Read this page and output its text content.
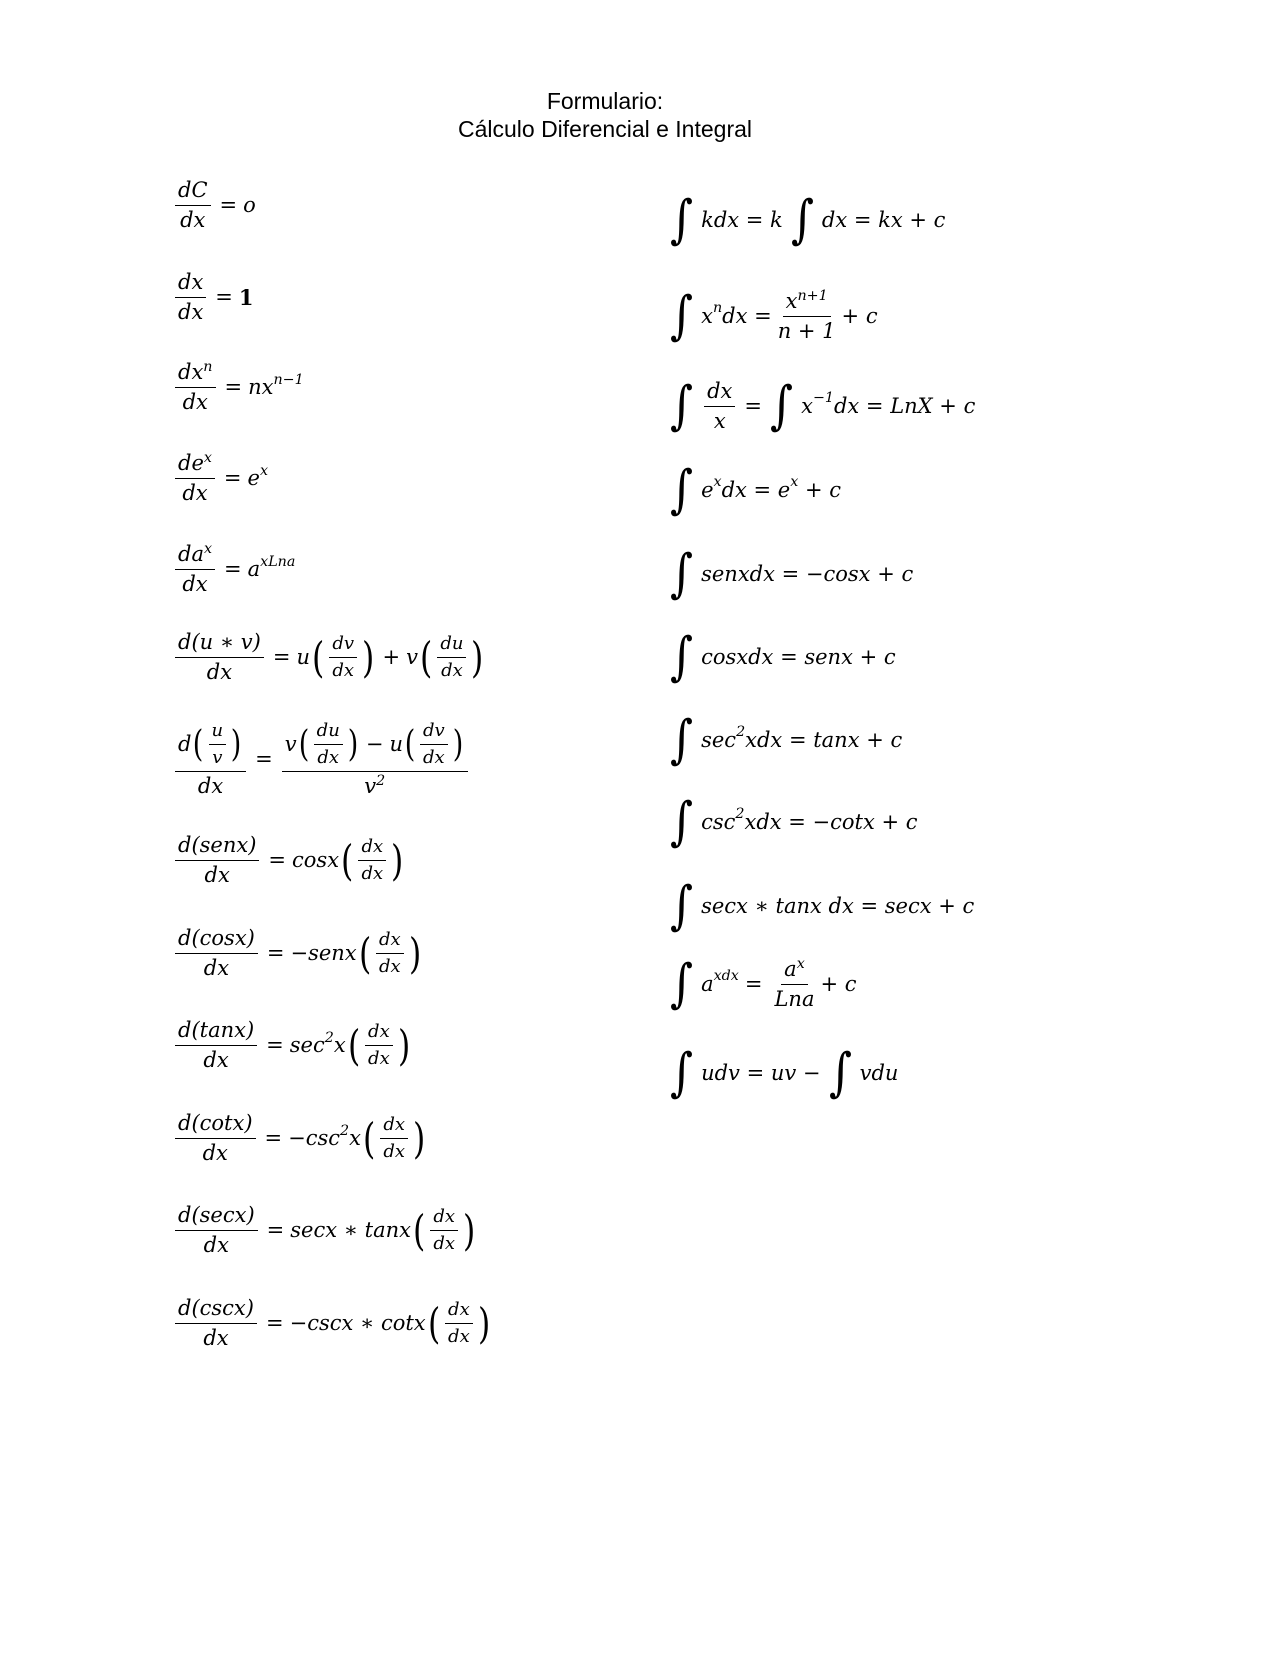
Formulario:
Cálculo Diferencial e Integral
$\frac{dC}{dx} = o$
$\frac{dx}{dx} = 1$
$\frac{dx^n}{dx}$ = nx n−1
$\frac{de^x}{dx} = e$ x
$\frac{da^x}{dx} = a$ xLna
$\frac{d(u ∗ v)}{dx} = u$ ( $\frac{dv}{dx}$ ) + v ( $\frac{du}{dx}$ )
$\frac{d ( \frac{u}{v} )}{dx} = \frac{v ( \frac{du}{dx} ) - u ( \frac{dv}{dx} )}{v^2}$
$\frac{\text{d(senx)}}{dx} = \cos x$ ( $\frac{dx}{dx}$ )
$\frac{d(\cos x)}{dx}$ = −senx ( $\frac{dx}{dx}$ )
$\frac{d(\tan x)}{dx} = \sec 2$ x ( $\frac{dx}{dx}$ )
$\frac{d(\cot x)}{dx} = -\csc$ 2 x ( $\frac{dx}{dx}$ )
$\frac{d(\sec x)}{dx} = \sec x$ ∗ tanx ( $\frac{dx}{dx}$ )
$\frac{d(\csc x)}{dx} = -\csc x$ ∗ cotx ( $\frac{dx}{dx}$ )
∫ kdx = k ∫ dx = kx + c
∫ x n dx = $\frac{x^{n+1}}{n + 1} + c$
∫ $\frac{dx}{x}$ = ∫ x −1 dx = LnX + c
∫ e x dx = e x + c
∫ senxdx = −cosx + c
∫ cosxdx = senx + c
∫ sec 2 xdx = tanx + c
∫ csc 2 xdx = −cotx + c
∫ secx ∗ tanx dx = secx + c
∫ a xdx = $\frac{a^x}{\text{Lna}} + c$
∫ udv = uv − ∫ vdu
